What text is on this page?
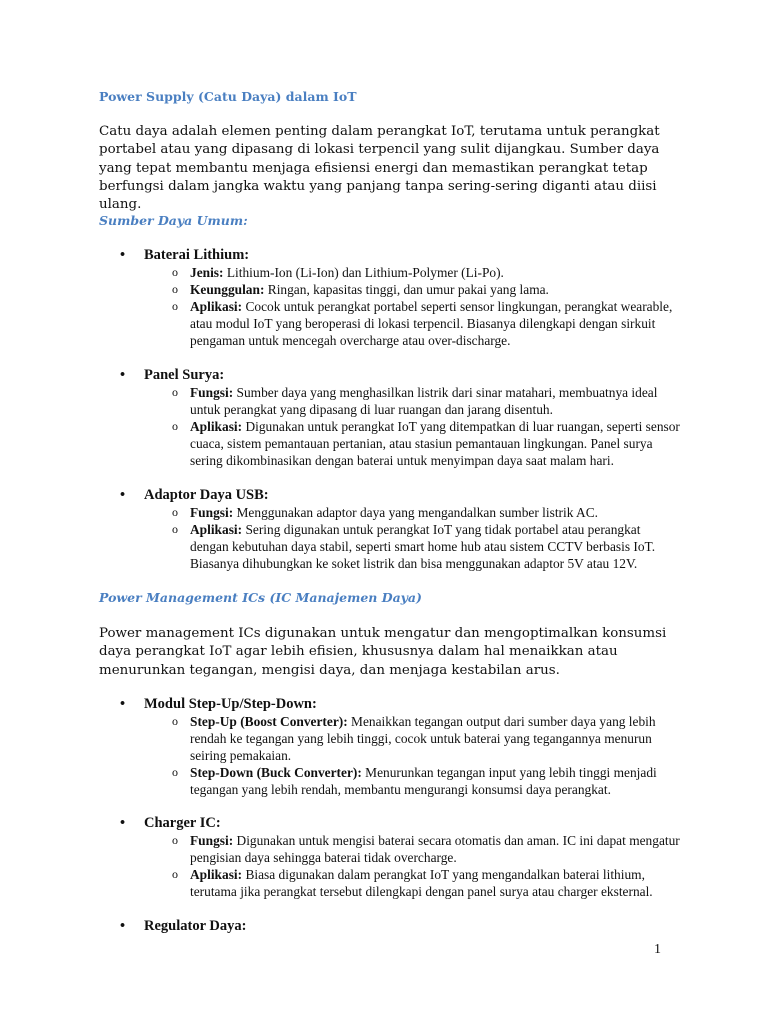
Power Supply (Catu Daya) dalam IoT
Catu daya adalah elemen penting dalam perangkat IoT, terutama untuk perangkat portabel atau yang dipasang di lokasi terpencil yang sulit dijangkau. Sumber daya yang tepat membantu menjaga efisiensi energi dan memastikan perangkat tetap berfungsi dalam jangka waktu yang panjang tanpa sering-sering diganti atau diisi ulang.
Sumber Daya Umum:
• Baterai Lithium:
o Jenis: Lithium-Ion (Li-Ion) dan Lithium-Polymer (Li-Po).
o Keunggulan: Ringan, kapasitas tinggi, dan umur pakai yang lama.
o Aplikasi: Cocok untuk perangkat portabel seperti sensor lingkungan, perangkat wearable, atau modul IoT yang beroperasi di lokasi terpencil. Biasanya dilengkapi dengan sirkuit pengaman untuk mencegah overcharge atau over-discharge.
• Panel Surya:
o Fungsi: Sumber daya yang menghasilkan listrik dari sinar matahari, membuatnya ideal untuk perangkat yang dipasang di luar ruangan dan jarang disentuh.
o Aplikasi: Digunakan untuk perangkat IoT yang ditempatkan di luar ruangan, seperti sensor cuaca, sistem pemantauan pertanian, atau stasiun pemantauan lingkungan. Panel surya sering dikombinasikan dengan baterai untuk menyimpan daya saat malam hari.
• Adaptor Daya USB:
o Fungsi: Menggunakan adaptor daya yang mengandalkan sumber listrik AC.
o Aplikasi: Sering digunakan untuk perangkat IoT yang tidak portabel atau perangkat dengan kebutuhan daya stabil, seperti smart home hub atau sistem CCTV berbasis IoT. Biasanya dihubungkan ke soket listrik dan bisa menggunakan adaptor 5V atau 12V.
Power Management ICs (IC Manajemen Daya)
Power management ICs digunakan untuk mengatur dan mengoptimalkan konsumsi daya perangkat IoT agar lebih efisien, khususnya dalam hal menaikkan atau menurunkan tegangan, mengisi daya, dan menjaga kestabilan arus.
• Modul Step-Up/Step-Down:
o Step-Up (Boost Converter): Menaikkan tegangan output dari sumber daya yang lebih rendah ke tegangan yang lebih tinggi, cocok untuk baterai yang tegangannya menurun seiring pemakaian.
o Step-Down (Buck Converter): Menurunkan tegangan input yang lebih tinggi menjadi tegangan yang lebih rendah, membantu mengurangi konsumsi daya perangkat.
• Charger IC:
o Fungsi: Digunakan untuk mengisi baterai secara otomatis dan aman. IC ini dapat mengatur pengisian daya sehingga baterai tidak overcharge.
o Aplikasi: Biasa digunakan dalam perangkat IoT yang mengandalkan baterai lithium, terutama jika perangkat tersebut dilengkapi dengan panel surya atau charger eksternal.
• Regulator Daya:
1
